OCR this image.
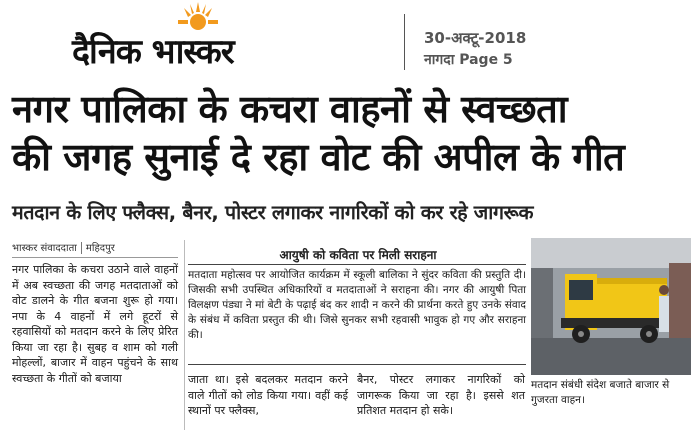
दैनिक भास्कर	30-अक्टू-2018
नागदा Page 5
नगर पालिका के कचरा वाहनों से स्वच्छता
की जगह सुनाई दे रहा वोट की अपील के गीत
मतदान के लिए फ्लैक्स, बैनर, पोस्टर लगाकर नागरिकों को कर रहे जागरूक
भास्कर संवाददाता महिदपुर
नगर पालिका के कचरा उठाने वाले वाहनों में अब स्वच्छता की जगह मतदाताओं को वोट डालने के गीत बजना शुरू हो गया। नपा के 4 वाहनों में लगे हूटरों से रहवासियों को मतदान करने के लिए प्रेरित किया जा रहा है। सुबह व शाम को गली मोहल्लों, बाजार में वाहन पहुंचने के साथ स्वच्छता के गीतों को बजाया
आयुषी को कविता पर मिली सराहना
मतदाता महोत्सव पर आयोजित कार्यक्रम में स्कूली बालिका ने सुंदर कविता की प्रस्तुति दी। जिसकी सभी उपस्थित अधिकारियों व मतदाताओं ने सराहना की। नगर की आयुषी पिता विलक्षण पंड्या ने मां बेटी के पढ़ाई बंद कर शादी न करने की प्रार्थना करते हुए उनके संवाद के संबंध में कविता प्रस्तुत की थी। जिसे सुनकर सभी रहवासी भावुक हो गए और सराहना की।
जाता था। इसे बदलकर मतदान करने वाले गीतों को लोड किया गया। वहीं कई स्थानों पर फ्लैक्स,
बैनर, पोस्टर लगाकर नागरिकों को जागरूक किया जा रहा है। इससे शत प्रतिशत मतदान हो सके।
मतदान संबंधी संदेश बजाते बाजार से गुजरता वाहन।
